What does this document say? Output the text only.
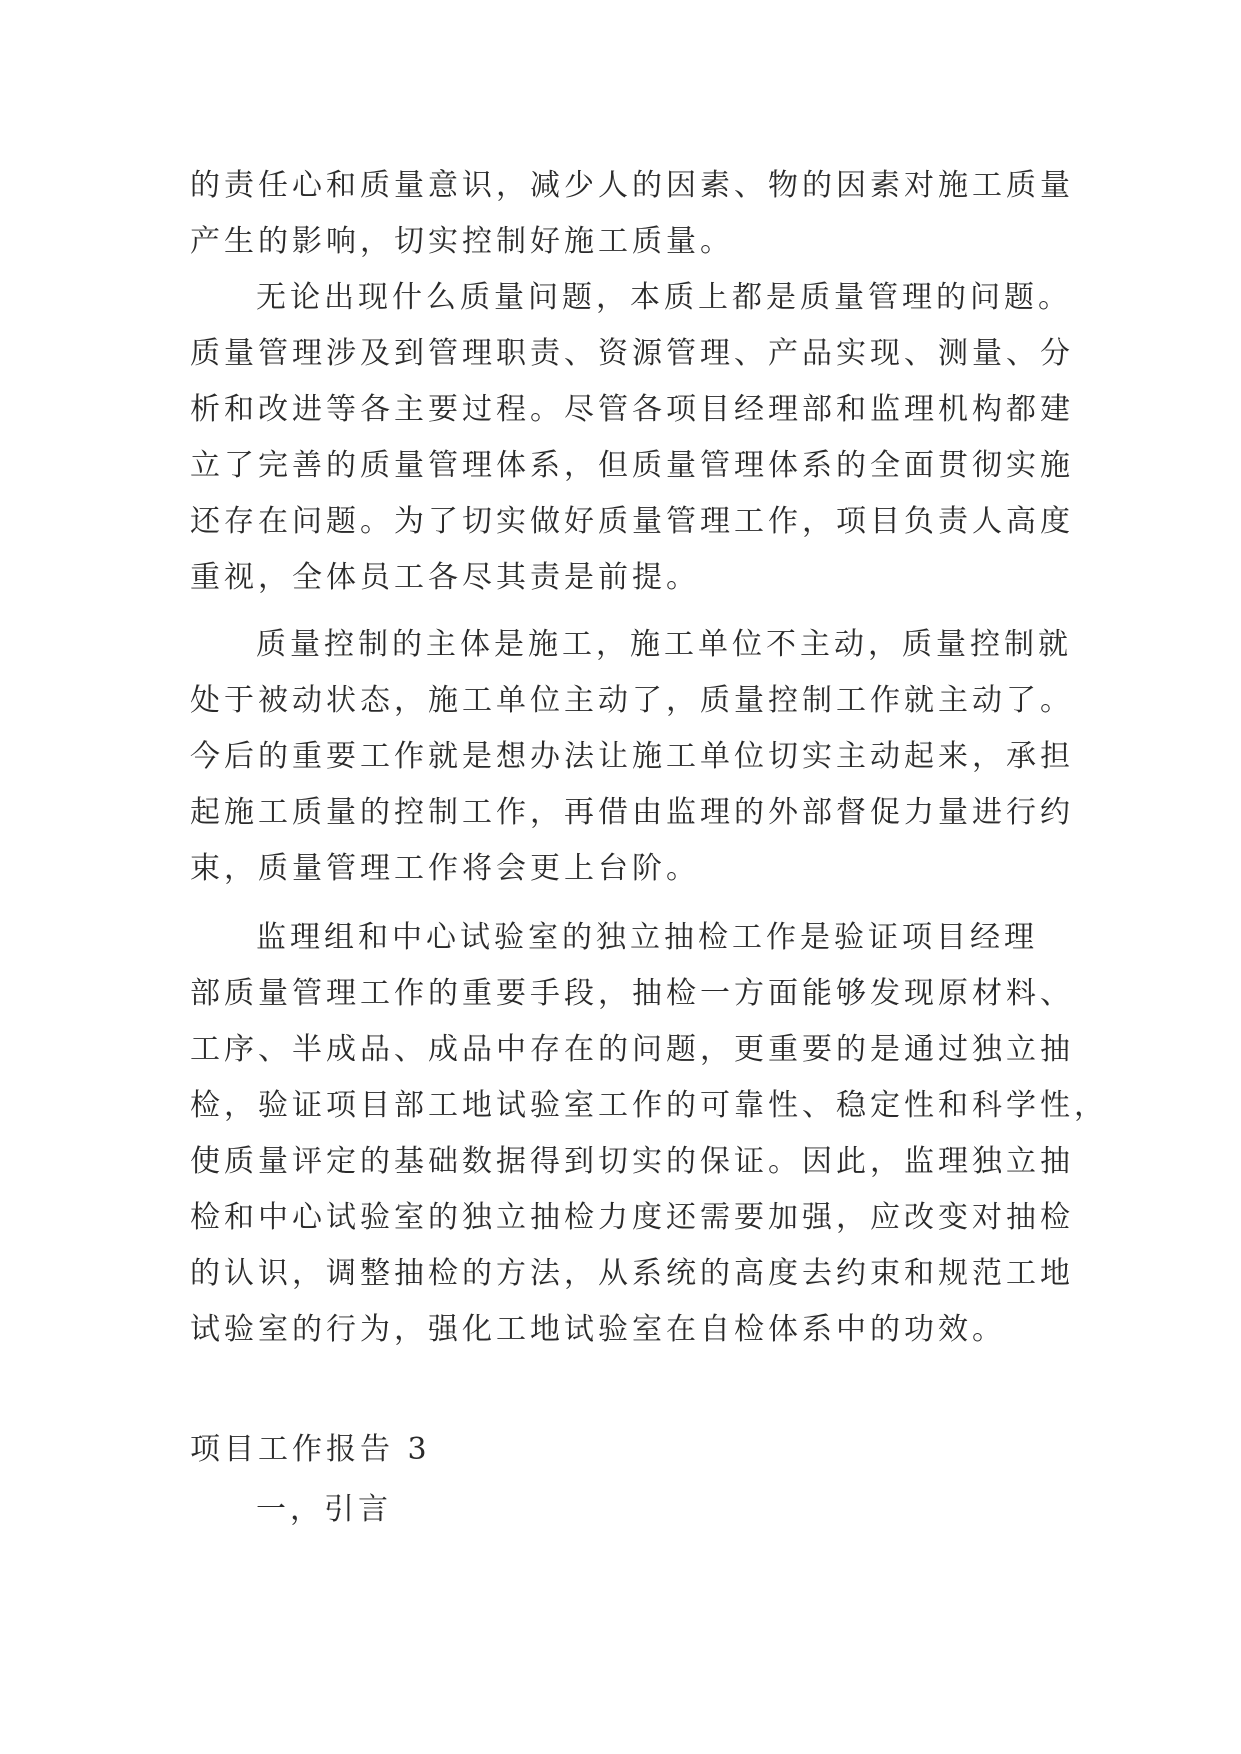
的责任心和质量意识，减少人的因素、物的因素对施工质量
产生的影响，切实控制好施工质量。
无论出现什么质量问题，本质上都是质量管理的问题。
质量管理涉及到管理职责、资源管理、产品实现、测量、分
析和改进等各主要过程。尽管各项目经理部和监理机构都建
立了完善的质量管理体系，但质量管理体系的全面贯彻实施
还存在问题。为了切实做好质量管理工作，项目负责人高度
重视，全体员工各尽其责是前提。
质量控制的主体是施工，施工单位不主动，质量控制就
处于被动状态，施工单位主动了，质量控制工作就主动了。
今后的重要工作就是想办法让施工单位切实主动起来，承担
起施工质量的控制工作，再借由监理的外部督促力量进行约
束，质量管理工作将会更上台阶。
监理组和中心试验室的独立抽检工作是验证项目经理
部质量管理工作的重要手段，抽检一方面能够发现原材料、
工序、半成品、成品中存在的问题，更重要的是通过独立抽
检，验证项目部工地试验室工作的可靠性、稳定性和科学性，
使质量评定的基础数据得到切实的保证。因此，监理独立抽
检和中心试验室的独立抽检力度还需要加强，应改变对抽检
的认识，调整抽检的方法，从系统的高度去约束和规范工地
试验室的行为，强化工地试验室在自检体系中的功效。
项目工作报告 3
一，引言
